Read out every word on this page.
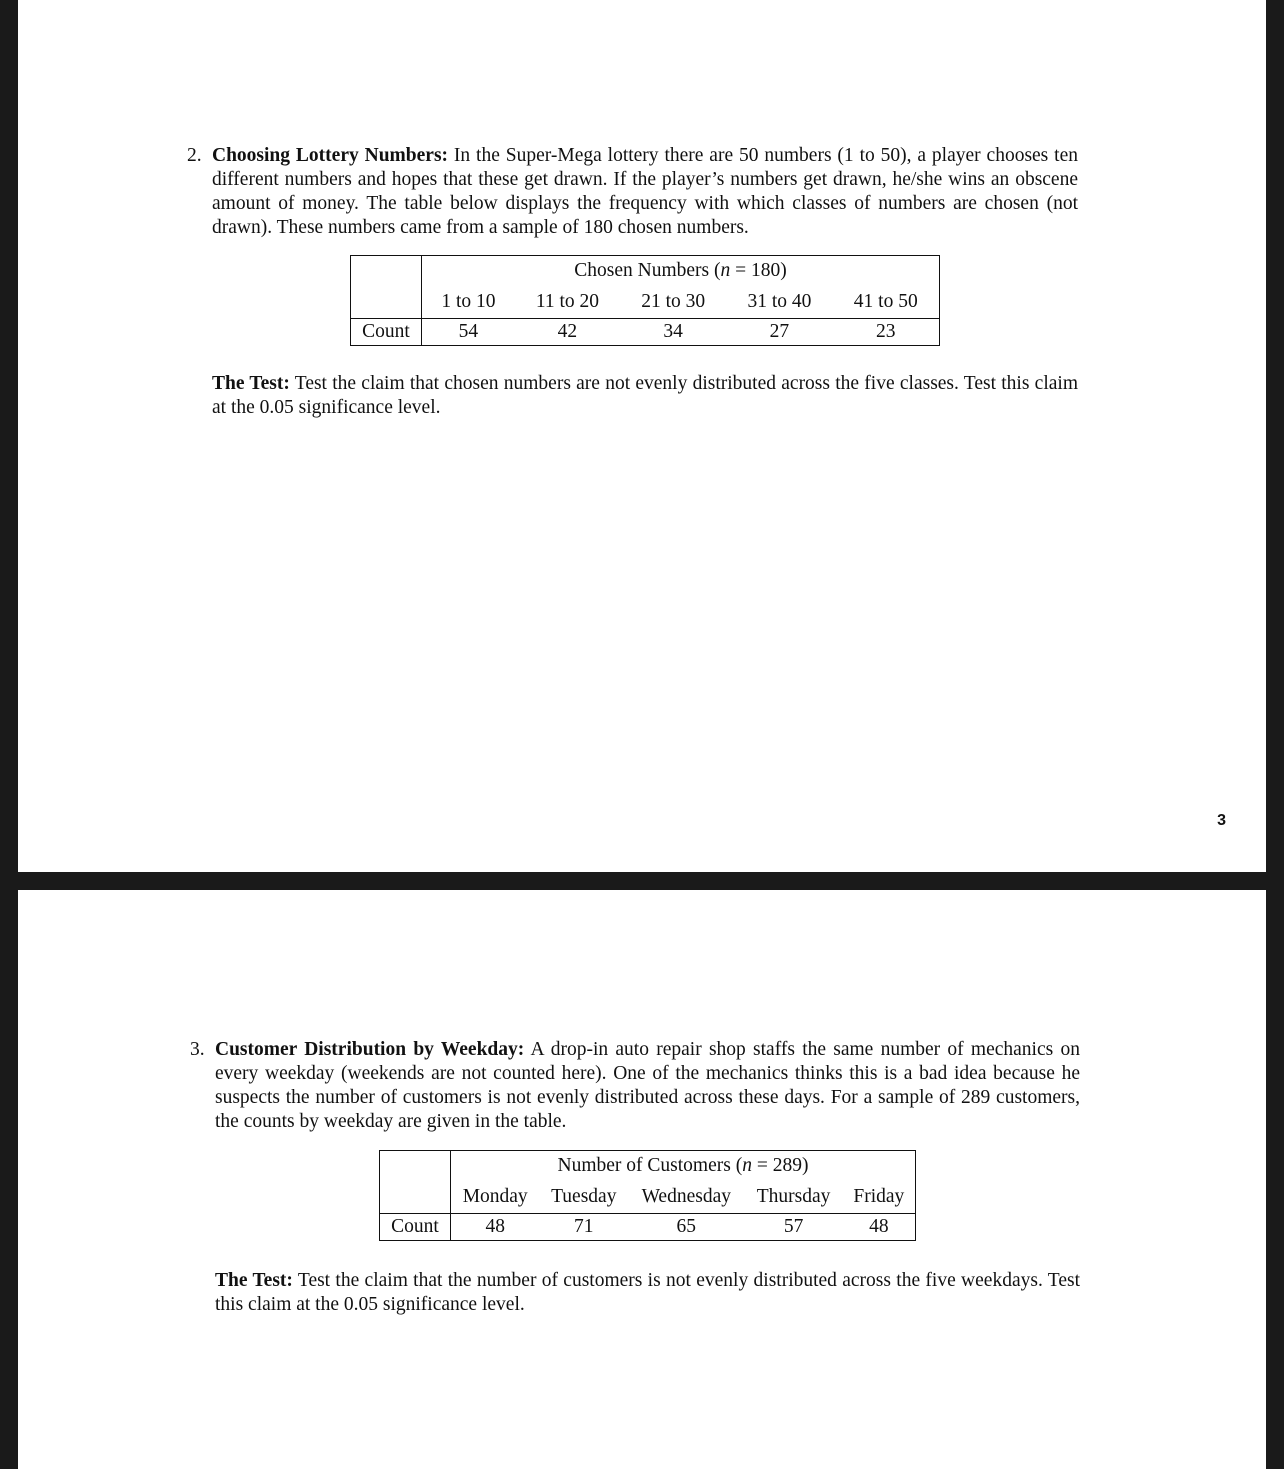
2. Choosing Lottery Numbers: In the Super-Mega lottery there are 50 numbers (1 to 50), a player chooses ten different numbers and hopes that these get drawn. If the player’s numbers get drawn, he/she wins an obscene amount of money. The table below displays the frequency with which classes of numbers are chosen (not drawn). These numbers came from a sample of 180 chosen numbers.
	Chosen Numbers (n = 180)				
	1 to 10	11 to 20	21 to 30	31 to 40	41 to 50
Count	54	42	34	27	23
The Test: Test the claim that chosen numbers are not evenly distributed across the five classes. Test this claim at the 0.05 significance level.
3
3. Customer Distribution by Weekday: A drop-in auto repair shop staffs the same number of mechanics on every weekday (weekends are not counted here). One of the mechanics thinks this is a bad idea because he suspects the number of customers is not evenly distributed across these days. For a sample of 289 customers, the counts by weekday are given in the table.
	Number of Customers (n = 289)				
	Monday	Tuesday	Wednesday	Thursday	Friday
Count	48	71	65	57	48
The Test: Test the claim that the number of customers is not evenly distributed across the five weekdays. Test this claim at the 0.05 significance level.
